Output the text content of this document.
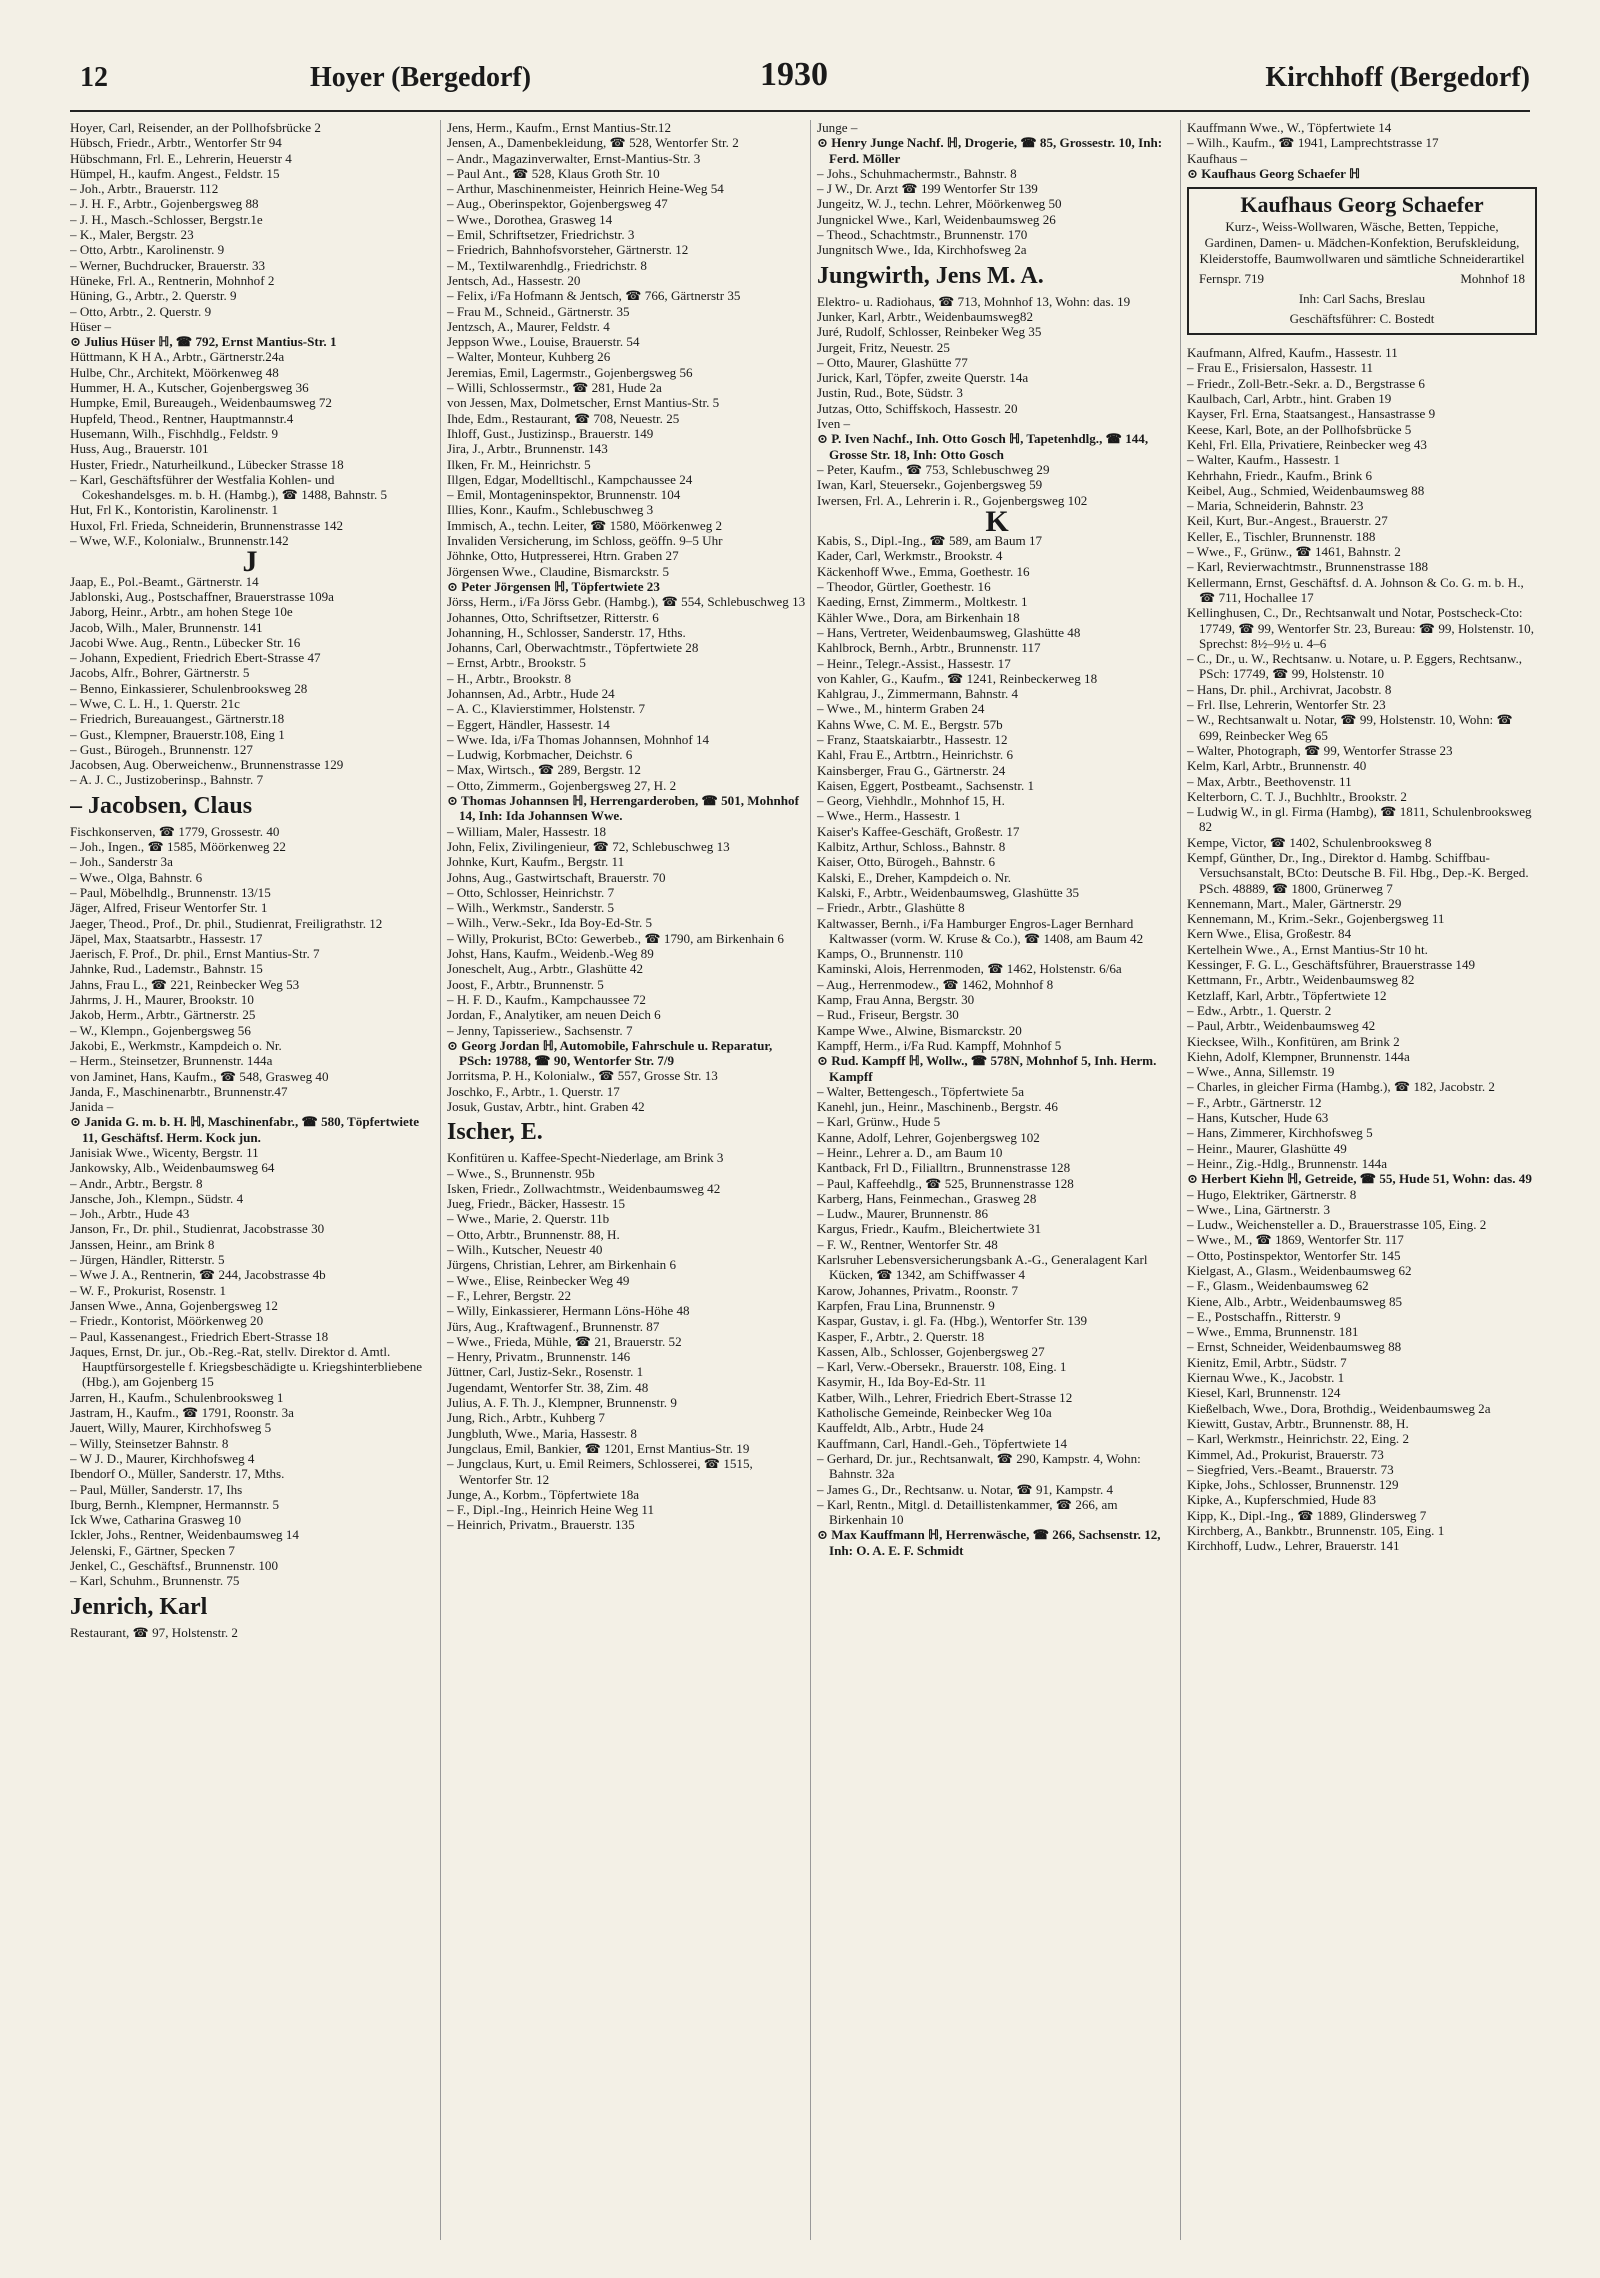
12	Hoyer (Bergedorf)	1930	Kirchhoff (Bergedorf)
Hoyer, Carl, Reisender, an der Pollhofsbrücke 2
Hübsch, Friedr., Arbtr., Wentorfer Str 94
Hübschmann, Frl. E., Lehrerin, Heuerstr 4
Hümpel, H., kaufm. Angest., Feldstr. 15
– Joh., Arbtr., Brauerstr. 112
– J. H. F., Arbtr., Gojenbergsweg 88
– J. H., Masch.-Schlosser, Bergstr.1e
– K., Maler, Bergstr. 23
– Otto, Arbtr., Karolinenstr. 9
– Werner, Buchdrucker, Brauerstr. 33
Hüneke, Frl. A., Rentnerin, Mohnhof 2
Hüning, G., Arbtr., 2. Querstr. 9
– Otto, Arbtr., 2. Querstr. 9
Hüser –
⊙ Julius Hüser ℍ, ☎ 792, Ernst Mantius-Str. 1
Hüttmann, K H A., Arbtr., Gärtnerstr.24a
Hulbe, Chr., Architekt, Möörkenweg 48
Hummer, H. A., Kutscher, Gojenbergsweg 36
Humpke, Emil, Bureaugeh., Weidenbaumsweg 72
Hupfeld, Theod., Rentner, Hauptmannstr.4
Husemann, Wilh., Fischhdlg., Feldstr. 9
Huss, Aug., Brauerstr. 101
Huster, Friedr., Naturheilkund., Lübecker Strasse 18
– Karl, Geschäftsführer der Westfalia Kohlen- und Cokeshandelsges. m. b. H. (Hambg.), ☎ 1488, Bahnstr. 5
Hut, Frl K., Kontoristin, Karolinenstr. 1
Huxol, Frl. Frieda, Schneiderin, Brunnenstrasse 142
– Wwe, W.F., Kolonialw., Brunnenstr.142
J
Jaap, E., Pol.-Beamt., Gärtnerstr. 14
Jablonski, Aug., Postschaffner, Brauerstrasse 109a
Jaborg, Heinr., Arbtr., am hohen Stege 10e
Jacob, Wilh., Maler, Brunnenstr. 141
Jacobi Wwe. Aug., Rentn., Lübecker Str. 16
– Johann, Expedient, Friedrich Ebert-Strasse 47
Jacobs, Alfr., Bohrer, Gärtnerstr. 5
– Benno, Einkassierer, Schulenbrooksweg 28
– Wwe, C. L. H., 1. Querstr. 21c
– Friedrich, Bureauangest., Gärtnerstr.18
– Gust., Klempner, Brauerstr.108, Eing 1
– Gust., Bürogeh., Brunnenstr. 127
Jacobsen, Aug. Oberweichenw., Brunnenstrasse 129
– A. J. C., Justizoberinsp., Bahnstr. 7
– Jacobsen, Claus
Fischkonserven, ☎ 1779, Grossestr. 40
– Joh., Ingen., ☎ 1585, Möörkenweg 22
– Joh., Sanderstr 3a
– Wwe., Olga, Bahnstr. 6
– Paul, Möbelhdlg., Brunnenstr. 13/15
Jäger, Alfred, Friseur Wentorfer Str. 1
Jaeger, Theod., Prof., Dr. phil., Studienrat, Freiligrathstr. 12
Jäpel, Max, Staatsarbtr., Hassestr. 17
Jaerisch, F. Prof., Dr. phil., Ernst Mantius-Str. 7
Jahnke, Rud., Lademstr., Bahnstr. 15
Jahns, Frau L., ☎ 221, Reinbecker Weg 53
Jahrms, J. H., Maurer, Brookstr. 10
Jakob, Herm., Arbtr., Gärtnerstr. 25
– W., Klempn., Gojenbergsweg 56
Jakobi, E., Werkmstr., Kampdeich o. Nr.
– Herm., Steinsetzer, Brunnenstr. 144a
von Jaminet, Hans, Kaufm., ☎ 548, Grasweg 40
Janda, F., Maschinenarbtr., Brunnenstr.47
Janida –
⊙ Janida G. m. b. H. ℍ, Maschinenfabr., ☎ 580, Töpfertwiete 11, Geschäftsf. Herm. Kock jun.
Janisiak Wwe., Wicenty, Bergstr. 11
Jankowsky, Alb., Weidenbaumsweg 64
– Andr., Arbtr., Bergstr. 8
Jansche, Joh., Klempn., Südstr. 4
– Joh., Arbtr., Hude 43
Janson, Fr., Dr. phil., Studienrat, Jacobstrasse 30
Janssen, Heinr., am Brink 8
– Jürgen, Händler, Ritterstr. 5
– Wwe J. A., Rentnerin, ☎ 244, Jacobstrasse 4b
– W. F., Prokurist, Rosenstr. 1
Jansen Wwe., Anna, Gojenbergsweg 12
– Friedr., Kontorist, Möörkenweg 20
– Paul, Kassenangest., Friedrich Ebert-Strasse 18
Jaques, Ernst, Dr. jur., Ob.-Reg.-Rat, stellv. Direktor d. Amtl. Hauptfürsorgestelle f. Kriegsbeschädigte u. Kriegshinterbliebene (Hbg.), am Gojenberg 15
Jarren, H., Kaufm., Schulenbrooksweg 1
Jastram, H., Kaufm., ☎ 1791, Roonstr. 3a
Jauert, Willy, Maurer, Kirchhofsweg 5
– Willy, Steinsetzer Bahnstr. 8
– W J. D., Maurer, Kirchhofsweg 4
Ibendorf O., Müller, Sanderstr. 17, Mths.
– Paul, Müller, Sanderstr. 17, Ihs
Iburg, Bernh., Klempner, Hermannstr. 5
Ick Wwe, Catharina Grasweg 10
Ickler, Johs., Rentner, Weidenbaumsweg 14
Jelenski, F., Gärtner, Specken 7
Jenkel, C., Geschäftsf., Brunnenstr. 100
– Karl, Schuhm., Brunnenstr. 75
Jenrich, Karl
Restaurant, ☎ 97, Holstenstr. 2
Jens, Herm., Kaufm., Ernst Mantius-Str.12
Jensen, A., Damenbekleidung, ☎ 528, Wentorfer Str. 2
– Andr., Magazinverwalter, Ernst-Mantius-Str. 3
– Paul Ant., ☎ 528, Klaus Groth Str. 10
– Arthur, Maschinenmeister, Heinrich Heine-Weg 54
– Aug., Oberinspektor, Gojenbergsweg 47
– Wwe., Dorothea, Grasweg 14
– Emil, Schriftsetzer, Friedrichstr. 3
– Friedrich, Bahnhofsvorsteher, Gärtnerstr. 12
– M., Textilwarenhdlg., Friedrichstr. 8
Jentsch, Ad., Hassestr. 20
– Felix, i/Fa Hofmann & Jentsch, ☎ 766, Gärtnerstr 35
– Frau M., Schneid., Gärtnerstr. 35
Jentzsch, A., Maurer, Feldstr. 4
Jeppson Wwe., Louise, Brauerstr. 54
– Walter, Monteur, Kuhberg 26
Jeremias, Emil, Lagermstr., Gojenbergsweg 56
– Willi, Schlossermstr., ☎ 281, Hude 2a
von Jessen, Max, Dolmetscher, Ernst Mantius-Str. 5
Ihde, Edm., Restaurant, ☎ 708, Neuestr. 25
Ihloff, Gust., Justizinsp., Brauerstr. 149
Jira, J., Arbtr., Brunnenstr. 143
Ilken, Fr. M., Heinrichstr. 5
Illgen, Edgar, Modelltischl., Kampchaussee 24
– Emil, Montageninspektor, Brunnenstr. 104
Illies, Konr., Kaufm., Schlebuschweg 3
Immisch, A., techn. Leiter, ☎ 1580, Möörkenweg 2
Invaliden Versicherung, im Schloss, geöffn. 9–5 Uhr
Jöhnke, Otto, Hutpresserei, Htrn. Graben 27
Jörgensen Wwe., Claudine, Bismarckstr. 5
⊙ Peter Jörgensen ℍ, Töpfertwiete 23
Jörss, Herm., i/Fa Jörss Gebr. (Hambg.), ☎ 554, Schlebuschweg 13
Johannes, Otto, Schriftsetzer, Ritterstr. 6
Johanning, H., Schlosser, Sanderstr. 17, Hths.
Johanns, Carl, Oberwachtmstr., Töpfertwiete 28
– Ernst, Arbtr., Brookstr. 5
– H., Arbtr., Brookstr. 8
Johannsen, Ad., Arbtr., Hude 24
– A. C., Klavierstimmer, Holstenstr. 7
– Eggert, Händler, Hassestr. 14
– Wwe. Ida, i/Fa Thomas Johannsen, Mohnhof 14
– Ludwig, Korbmacher, Deichstr. 6
– Max, Wirtsch., ☎ 289, Bergstr. 12
– Otto, Zimmerm., Gojenbergsweg 27, H. 2
⊙ Thomas Johannsen ℍ, Herrengarderoben, ☎ 501, Mohnhof 14, Inh: Ida Johannsen Wwe.
– William, Maler, Hassestr. 18
John, Felix, Zivilingenieur, ☎ 72, Schlebuschweg 13
Johnke, Kurt, Kaufm., Bergstr. 11
Johns, Aug., Gastwirtschaft, Brauerstr. 70
– Otto, Schlosser, Heinrichstr. 7
– Wilh., Werkmstr., Sanderstr. 5
– Wilh., Verw.-Sekr., Ida Boy-Ed-Str. 5
– Willy, Prokurist, BCto: Gewerbeb., ☎ 1790, am Birkenhain 6
Johst, Hans, Kaufm., Weidenb.-Weg 89
Joneschelt, Aug., Arbtr., Glashütte 42
Joost, F., Arbtr., Brunnenstr. 5
– H. F. D., Kaufm., Kampchaussee 72
Jordan, F., Analytiker, am neuen Deich 6
– Jenny, Tapisseriew., Sachsenstr. 7
⊙ Georg Jordan ℍ, Automobile, Fahrschule u. Reparatur, PSch: 19788, ☎ 90, Wentorfer Str. 7/9
Jorritsma, P. H., Kolonialw., ☎ 557, Grosse Str. 13
Joschko, F., Arbtr., 1. Querstr. 17
Josuk, Gustav, Arbtr., hint. Graben 42
Ischer, E.
Konfitüren u. Kaffee-Specht-Niederlage, am Brink 3
– Wwe., S., Brunnenstr. 95b
Isken, Friedr., Zollwachtmstr., Weidenbaumsweg 42
Jueg, Friedr., Bäcker, Hassestr. 15
– Wwe., Marie, 2. Querstr. 11b
– Otto, Arbtr., Brunnenstr. 88, H.
– Wilh., Kutscher, Neuestr 40
Jürgens, Christian, Lehrer, am Birkenhain 6
– Wwe., Elise, Reinbecker Weg 49
– F., Lehrer, Bergstr. 22
– Willy, Einkassierer, Hermann Löns-Höhe 48
Jürs, Aug., Kraftwagenf., Brunnenstr. 87
– Wwe., Frieda, Mühle, ☎ 21, Brauerstr. 52
– Henry, Privatm., Brunnenstr. 146
Jüttner, Carl, Justiz-Sekr., Rosenstr. 1
Jugendamt, Wentorfer Str. 38, Zim. 48
Julius, A. F. Th. J., Klempner, Brunnenstr. 9
Jung, Rich., Arbtr., Kuhberg 7
Jungbluth, Wwe., Maria, Hassestr. 8
Jungclaus, Emil, Bankier, ☎ 1201, Ernst Mantius-Str. 19
– Jungclaus, Kurt, u. Emil Reimers, Schlosserei, ☎ 1515, Wentorfer Str. 12
Junge, A., Korbm., Töpfertwiete 18a
– F., Dipl.-Ing., Heinrich Heine Weg 11
– Heinrich, Privatm., Brauerstr. 135
Junge –
⊙ Henry Junge Nachf. ℍ, Drogerie, ☎ 85, Grossestr. 10, Inh: Ferd. Möller
– Johs., Schuhmachermstr., Bahnstr. 8
– J W., Dr. Arzt ☎ 199 Wentorfer Str 139
Jungeitz, W. J., techn. Lehrer, Möörkenweg 50
Jungnickel Wwe., Karl, Weidenbaumsweg 26
– Theod., Schachtmstr., Brunnenstr. 170
Jungnitsch Wwe., Ida, Kirchhofsweg 2a
Jungwirth, Jens M. A.
Elektro- u. Radiohaus, ☎ 713, Mohnhof 13, Wohn: das. 19
Junker, Karl, Arbtr., Weidenbaumsweg82
Juré, Rudolf, Schlosser, Reinbeker Weg 35
Jurgeit, Fritz, Neuestr. 25
– Otto, Maurer, Glashütte 77
Jurick, Karl, Töpfer, zweite Querstr. 14a
Justin, Rud., Bote, Südstr. 3
Jutzas, Otto, Schiffskoch, Hassestr. 20
Iven –
⊙ P. Iven Nachf., Inh. Otto Gosch ℍ, Tapetenhdlg., ☎ 144, Grosse Str. 18, Inh: Otto Gosch
– Peter, Kaufm., ☎ 753, Schlebuschweg 29
Iwan, Karl, Steuersekr., Gojenbergsweg 59
Iwersen, Frl. A., Lehrerin i. R., Gojenbergsweg 102
K
Kabis, S., Dipl.-Ing., ☎ 589, am Baum 17
Kader, Carl, Werkmstr., Brookstr. 4
Käckenhoff Wwe., Emma, Goethestr. 16
– Theodor, Gürtler, Goethestr. 16
Kaeding, Ernst, Zimmerm., Moltkestr. 1
Kähler Wwe., Dora, am Birkenhain 18
– Hans, Vertreter, Weidenbaumsweg, Glashütte 48
Kahlbrock, Bernh., Arbtr., Brunnenstr. 117
– Heinr., Telegr.-Assist., Hassestr. 17
von Kahler, G., Kaufm., ☎ 1241, Reinbeckerweg 18
Kahlgrau, J., Zimmermann, Bahnstr. 4
– Wwe., M., hinterm Graben 24
Kahns Wwe, C. M. E., Bergstr. 57b
– Franz, Staatskaiarbtr., Hassestr. 12
Kahl, Frau E., Artbtrn., Heinrichstr. 6
Kainsberger, Frau G., Gärtnerstr. 24
Kaisen, Eggert, Postbeamt., Sachsenstr. 1
– Georg, Viehhdlr., Mohnhof 15, H.
– Wwe., Herm., Hassestr. 1
Kaiser's Kaffee-Geschäft, Großestr. 17
Kalbitz, Arthur, Schloss., Bahnstr. 8
Kaiser, Otto, Bürogeh., Bahnstr. 6
Kalski, E., Dreher, Kampdeich o. Nr.
Kalski, F., Arbtr., Weidenbaumsweg, Glashütte 35
– Friedr., Arbtr., Glashütte 8
Kaltwasser, Bernh., i/Fa Hamburger Engros-Lager Bernhard Kaltwasser (vorm. W. Kruse & Co.), ☎ 1408, am Baum 42
Kamps, O., Brunnenstr. 110
Kaminski, Alois, Herrenmoden, ☎ 1462, Holstenstr. 6/6a
– Aug., Herrenmodew., ☎ 1462, Mohnhof 8
Kamp, Frau Anna, Bergstr. 30
– Rud., Friseur, Bergstr. 30
Kampe Wwe., Alwine, Bismarckstr. 20
Kampff, Herm., i/Fa Rud. Kampff, Mohnhof 5
⊙ Rud. Kampff ℍ, Wollw., ☎ 578N, Mohnhof 5, Inh. Herm. Kampff
– Walter, Bettengesch., Töpfertwiete 5a
Kanehl, jun., Heinr., Maschinenb., Bergstr. 46
– Karl, Grünw., Hude 5
Kanne, Adolf, Lehrer, Gojenbergsweg 102
– Heinr., Lehrer a. D., am Baum 10
Kantback, Frl D., Filialltrn., Brunnenstrasse 128
– Paul, Kaffeehdlg., ☎ 525, Brunnenstrasse 128
Karberg, Hans, Feinmechan., Grasweg 28
– Ludw., Maurer, Brunnenstr. 86
Kargus, Friedr., Kaufm., Bleichertwiete 31
– F. W., Rentner, Wentorfer Str. 48
Karlsruher Lebensversicherungsbank A.-G., Generalagent Karl Kücken, ☎ 1342, am Schiffwasser 4
Karow, Johannes, Privatm., Roonstr. 7
Karpfen, Frau Lina, Brunnenstr. 9
Kaspar, Gustav, i. gl. Fa. (Hbg.), Wentorfer Str. 139
Kasper, F., Arbtr., 2. Querstr. 18
Kassen, Alb., Schlosser, Gojenbergsweg 27
– Karl, Verw.-Obersekr., Brauerstr. 108, Eing. 1
Kasymir, H., Ida Boy-Ed-Str. 11
Katber, Wilh., Lehrer, Friedrich Ebert-Strasse 12
Katholische Gemeinde, Reinbecker Weg 10a
Kauffeldt, Alb., Arbtr., Hude 24
Kauffmann, Carl, Handl.-Geh., Töpfertwiete 14
– Gerhard, Dr. jur., Rechtsanwalt, ☎ 290, Kampstr. 4, Wohn: Bahnstr. 32a
– James G., Dr., Rechtsanw. u. Notar, ☎ 91, Kampstr. 4
– Karl, Rentn., Mitgl. d. Detaillistenkammer, ☎ 266, am Birkenhain 10
⊙ Max Kauffmann ℍ, Herrenwäsche, ☎ 266, Sachsenstr. 12, Inh: O. A. E. F. Schmidt
Kauffmann Wwe., W., Töpfertwiete 14
– Wilh., Kaufm., ☎ 1941, Lamprechtstrasse 17
Kaufhaus –
⊙ Kaufhaus Georg Schaefer ℍ
Kaufhaus Georg Schaefer
Kurz-, Weiss-Wollwaren, Wäsche, Betten, Teppiche, Gardinen, Damen- u. Mädchen-Konfektion, Berufskleidung, Kleiderstoffe, Baumwollwaren und sämtliche Schneiderartikel
Fernspr. 719	Mohnhof 18
Inh: Carl Sachs, Breslau
Geschäftsführer: C. Bostedt
Kaufmann, Alfred, Kaufm., Hassestr. 11
– Frau E., Frisiersalon, Hassestr. 11
– Friedr., Zoll-Betr.-Sekr. a. D., Bergstrasse 6
Kaulbach, Carl, Arbtr., hint. Graben 19
Kayser, Frl. Erna, Staatsangest., Hansastrasse 9
Keese, Karl, Bote, an der Pollhofsbrücke 5
Kehl, Frl. Ella, Privatiere, Reinbecker weg 43
– Walter, Kaufm., Hassestr. 1
Kehrhahn, Friedr., Kaufm., Brink 6
Keibel, Aug., Schmied, Weidenbaumsweg 88
– Maria, Schneiderin, Bahnstr. 23
Keil, Kurt, Bur.-Angest., Brauerstr. 27
Keller, E., Tischler, Brunnenstr. 188
– Wwe., F., Grünw., ☎ 1461, Bahnstr. 2
– Karl, Revierwachtmstr., Brunnenstrasse 188
Kellermann, Ernst, Geschäftsf. d. A. Johnson & Co. G. m. b. H., ☎ 711, Hochallee 17
Kellinghusen, C., Dr., Rechtsanwalt und Notar, Postscheck-Cto: 17749, ☎ 99, Wentorfer Str. 23, Bureau: ☎ 99, Holstenstr. 10, Sprechst: 8½–9½ u. 4–6
– C., Dr., u. W., Rechtsanw. u. Notare, u. P. Eggers, Rechtsanw., PSch: 17749, ☎ 99, Holstenstr. 10
– Hans, Dr. phil., Archivrat, Jacobstr. 8
– Frl. Ilse, Lehrerin, Wentorfer Str. 23
– W., Rechtsanwalt u. Notar, ☎ 99, Holstenstr. 10, Wohn: ☎ 699, Reinbecker Weg 65
– Walter, Photograph, ☎ 99, Wentorfer Strasse 23
Kelm, Karl, Arbtr., Brunnenstr. 40
– Max, Arbtr., Beethovenstr. 11
Kelterborn, C. T. J., Buchhltr., Brookstr. 2
– Ludwig W., in gl. Firma (Hambg), ☎ 1811, Schulenbrooksweg 82
Kempe, Victor, ☎ 1402, Schulenbrooksweg 8
Kempf, Günther, Dr., Ing., Direktor d. Hambg. Schiffbau-Versuchsanstalt, BCto: Deutsche B. Fil. Hbg., Dep.-K. Berged. PSch. 48889, ☎ 1800, Grünerweg 7
Kennemann, Mart., Maler, Gärtnerstr. 29
Kennemann, M., Krim.-Sekr., Gojenbergsweg 11
Kern Wwe., Elisa, Großestr. 84
Kertelhein Wwe., A., Ernst Mantius-Str 10 ht.
Kessinger, F. G. L., Geschäftsführer, Brauerstrasse 149
Kettmann, Fr., Arbtr., Weidenbaumsweg 82
Ketzlaff, Karl, Arbtr., Töpfertwiete 12
– Edw., Arbtr., 1. Querstr. 2
– Paul, Arbtr., Weidenbaumsweg 42
Kiecksee, Wilh., Konfitüren, am Brink 2
Kiehn, Adolf, Klempner, Brunnenstr. 144a
– Wwe., Anna, Sillemstr. 19
– Charles, in gleicher Firma (Hambg.), ☎ 182, Jacobstr. 2
– F., Arbtr., Gärtnerstr. 12
– Hans, Kutscher, Hude 63
– Hans, Zimmerer, Kirchhofsweg 5
– Heinr., Maurer, Glashütte 49
– Heinr., Zig.-Hdlg., Brunnenstr. 144a
⊙ Herbert Kiehn ℍ, Getreide, ☎ 55, Hude 51, Wohn: das. 49
– Hugo, Elektriker, Gärtnerstr. 8
– Wwe., Lina, Gärtnerstr. 3
– Ludw., Weichensteller a. D., Brauerstrasse 105, Eing. 2
– Wwe., M., ☎ 1869, Wentorfer Str. 117
– Otto, Postinspektor, Wentorfer Str. 145
Kielgast, A., Glasm., Weidenbaumsweg 62
– F., Glasm., Weidenbaumsweg 62
Kiene, Alb., Arbtr., Weidenbaumsweg 85
– E., Postschaffn., Ritterstr. 9
– Wwe., Emma, Brunnenstr. 181
– Ernst, Schneider, Weidenbaumsweg 88
Kienitz, Emil, Arbtr., Südstr. 7
Kiernau Wwe., K., Jacobstr. 1
Kiesel, Karl, Brunnenstr. 124
Kießelbach, Wwe., Dora, Brothdig., Weidenbaumsweg 2a
Kiewitt, Gustav, Arbtr., Brunnenstr. 88, H.
– Karl, Werkmstr., Heinrichstr. 22, Eing. 2
Kimmel, Ad., Prokurist, Brauerstr. 73
– Siegfried, Vers.-Beamt., Brauerstr. 73
Kipke, Johs., Schlosser, Brunnenstr. 129
Kipke, A., Kupferschmied, Hude 83
Kipp, K., Dipl.-Ing., ☎ 1889, Glindersweg 7
Kirchberg, A., Bankbtr., Brunnenstr. 105, Eing. 1
Kirchhoff, Ludw., Lehrer, Brauerstr. 141
